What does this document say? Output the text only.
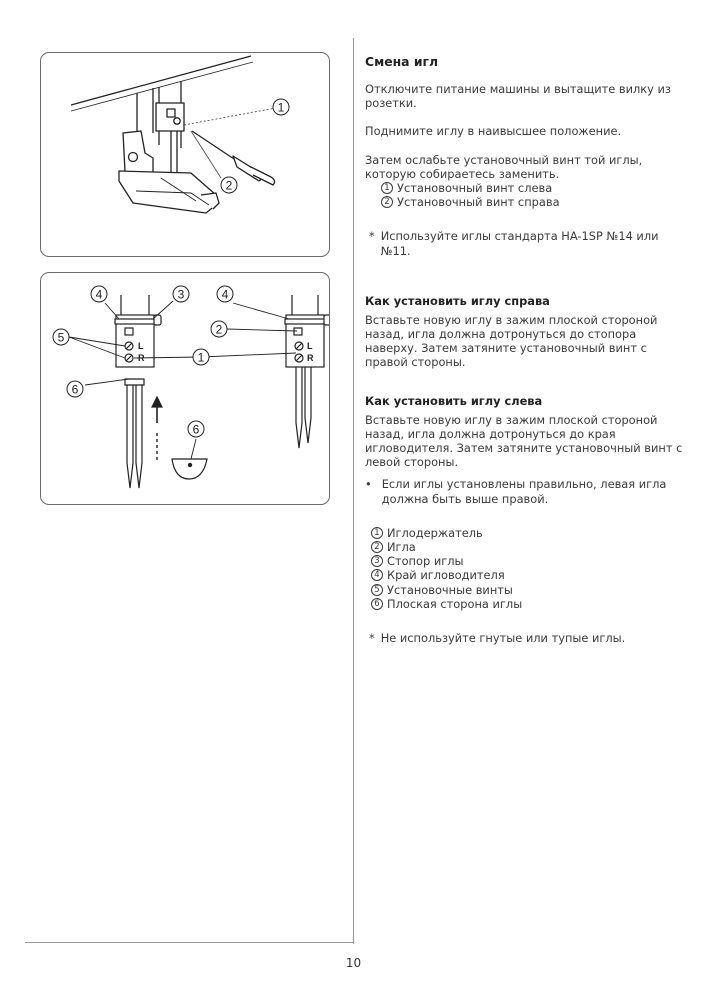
1
2
L
R
L
R
4	3
5
6
1
6
4
2
Смена игл

Отключите питание машины и вытащите вилку из розетки.

Поднимите иглу в наивысшее положение.

Затем ослабьте установочный винт той иглы, которую собираетесь заменить.
1 Установочный винт слева
2 Установочный винт справа
* Используйте иглы стандарта HA-1SP №14 или №11.
Как установить иглу справа

Вставьте новую иглу в зажим плоской стороной назад, игла должна дотронуться до стопора наверху. Затем затяните установочный винт с правой стороны.

Как установить иглу слева

Вставьте новую иглу в зажим плоской стороной назад, игла должна дотронуться до края игловодителя. Затем затяните установочный винт с левой стороны.

• Если иглы установлены правильно, левая игла должна быть выше правой.
1 Иглодержатель
2 Игла
3 Стопор иглы
4 Край игловодителя
5 Установочные винты
6 Плоская сторона иглы
* Не используйте гнутые или тупые иглы.
10
